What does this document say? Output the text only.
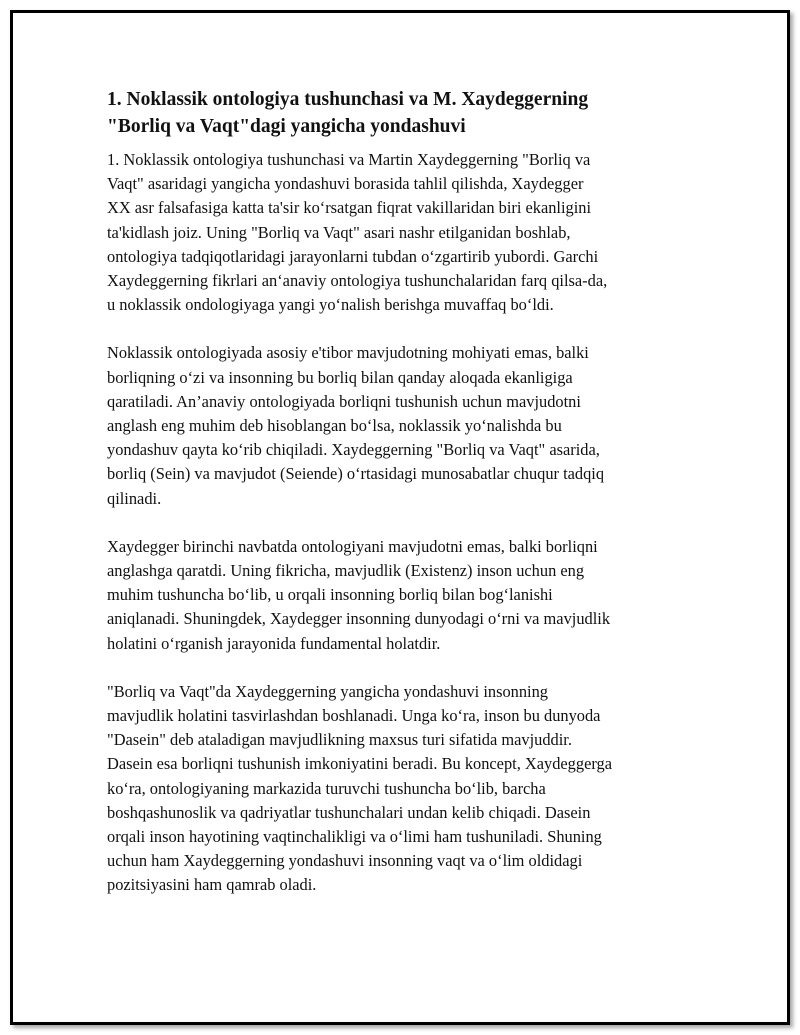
1. Noklassik ontologiya tushunchasi va M. Xaydeggerning
"Borliq va Vaqt"dagi yangicha yondashuvi
1. Noklassik ontologiya tushunchasi va Martin Xaydeggerning "Borliq va
Vaqt" asaridagi yangicha yondashuvi borasida tahlil qilishda, Xaydegger
XX asr falsafasiga katta ta'sir ko‘rsatgan fiqrat vakillaridan biri ekanligini
ta'kidlash joiz. Uning "Borliq va Vaqt" asari nashr etilganidan boshlab,
ontologiya tadqiqotlaridagi jarayonlarni tubdan o‘zgartirib yubordi. Garchi
Xaydeggerning fikrlari an‘anaviy ontologiya tushunchalaridan farq qilsa-da,
u noklassik ondologiyaga yangi yo‘nalish berishga muvaffaq bo‘ldi.
Noklassik ontologiyada asosiy e'tibor mavjudotning mohiyati emas, balki
borliqning o‘zi va insonning bu borliq bilan qanday aloqada ekanligiga
qaratiladi. An’anaviy ontologiyada borliqni tushunish uchun mavjudotni
anglash eng muhim deb hisoblangan bo‘lsa, noklassik yo‘nalishda bu
yondashuv qayta ko‘rib chiqiladi. Xaydeggerning "Borliq va Vaqt" asarida,
borliq (Sein) va mavjudot (Seiende) o‘rtasidagi munosabatlar chuqur tadqiq
qilinadi.
Xaydegger birinchi navbatda ontologiyani mavjudotni emas, balki borliqni
anglashga qaratdi. Uning fikricha, mavjudlik (Existenz) inson uchun eng
muhim tushuncha bo‘lib, u orqali insonning borliq bilan bog‘lanishi
aniqlanadi. Shuningdek, Xaydegger insonning dunyodagi o‘rni va mavjudlik
holatini o‘rganish jarayonida fundamental holatdir.
"Borliq va Vaqt"da Xaydeggerning yangicha yondashuvi insonning
mavjudlik holatini tasvirlashdan boshlanadi. Unga ko‘ra, inson bu dunyoda
"Dasein" deb ataladigan mavjudlikning maxsus turi sifatida mavjuddir.
Dasein esa borliqni tushunish imkoniyatini beradi. Bu koncept, Xaydeggerga
ko‘ra, ontologiyaning markazida turuvchi tushuncha bo‘lib, barcha
boshqashunoslik va qadriyatlar tushunchalari undan kelib chiqadi. Dasein
orqali inson hayotining vaqtinchalikligi va o‘limi ham tushuniladi. Shuning
uchun ham Xaydeggerning yondashuvi insonning vaqt va o‘lim oldidagi
pozitsiyasini ham qamrab oladi.
